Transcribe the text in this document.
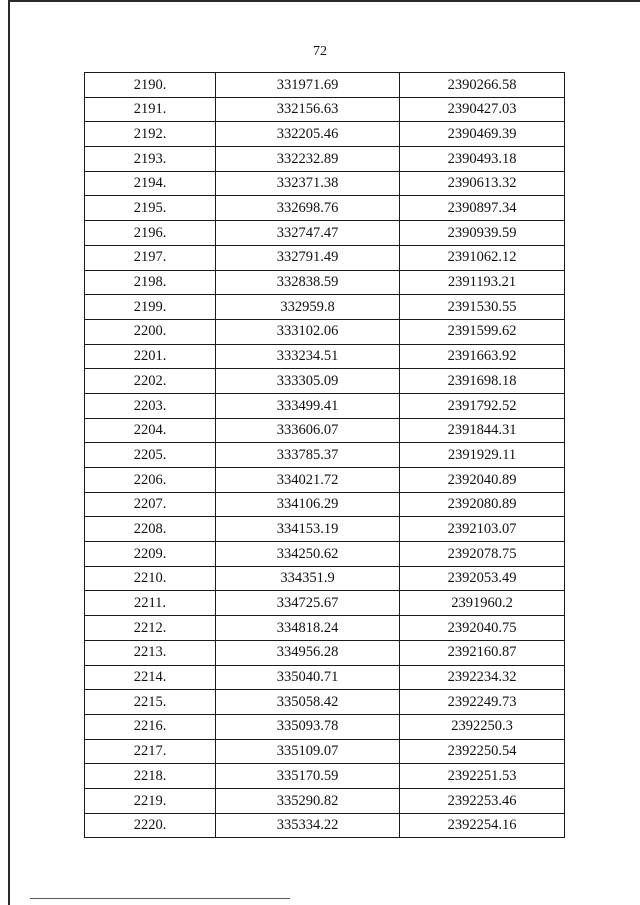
72
2190.	331971.69	2390266.58
2191.	332156.63	2390427.03
2192.	332205.46	2390469.39
2193.	332232.89	2390493.18
2194.	332371.38	2390613.32
2195.	332698.76	2390897.34
2196.	332747.47	2390939.59
2197.	332791.49	2391062.12
2198.	332838.59	2391193.21
2199.	332959.8	2391530.55
2200.	333102.06	2391599.62
2201.	333234.51	2391663.92
2202.	333305.09	2391698.18
2203.	333499.41	2391792.52
2204.	333606.07	2391844.31
2205.	333785.37	2391929.11
2206.	334021.72	2392040.89
2207.	334106.29	2392080.89
2208.	334153.19	2392103.07
2209.	334250.62	2392078.75
2210.	334351.9	2392053.49
2211.	334725.67	2391960.2
2212.	334818.24	2392040.75
2213.	334956.28	2392160.87
2214.	335040.71	2392234.32
2215.	335058.42	2392249.73
2216.	335093.78	2392250.3
2217.	335109.07	2392250.54
2218.	335170.59	2392251.53
2219.	335290.82	2392253.46
2220.	335334.22	2392254.16
